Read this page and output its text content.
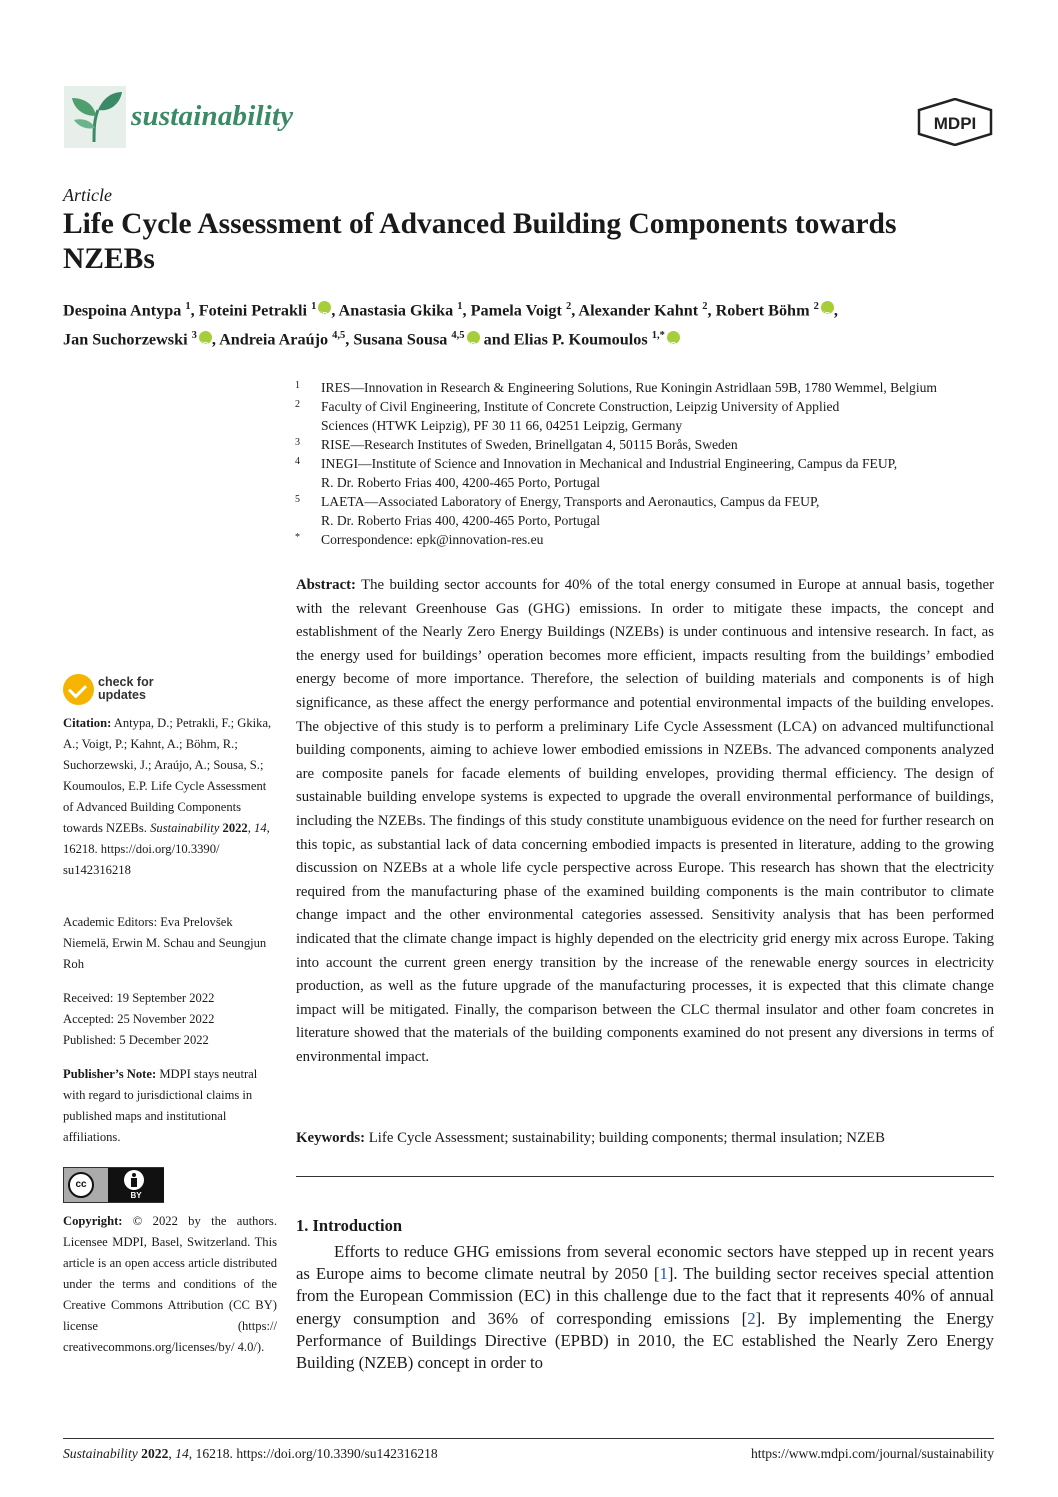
sustainability	MDPI
Article
Life Cycle Assessment of Advanced Building Components towards NZEBs
Despoina Antypa $^1$, Foteini Petrakli $^1$ iD , Anastasia Gkika $^1$, Pamela Voigt $^2$, Alexander Kahnt $^2$, Robert Böhm $^2$ iD ,
Jan Suchorzewski $^3$ iD , Andreia Araújo $^{4,5}$, Susana Sousa $^{4,5}$iD and Elias P. Koumoulos $^{1,*}$iD
1	IRES—Innovation in Research & Engineering Solutions, Rue Koningin Astridlaan 59B, 1780 Wemmel, Belgium
2	Faculty of Civil Engineering, Institute of Concrete Construction, Leipzig University of Applied
Sciences (HTWK Leipzig), PF 30 11 66, 04251 Leipzig, Germany
3	RISE—Research Institutes of Sweden, Brinellgatan 4, 50115 Borås, Sweden
4	INEGI—Institute of Science and Innovation in Mechanical and Industrial Engineering, Campus da FEUP,
R. Dr. Roberto Frias 400, 4200-465 Porto, Portugal
5	LAETA—Associated Laboratory of Energy, Transports and Aeronautics, Campus da FEUP,
R. Dr. Roberto Frias 400, 4200-465 Porto, Portugal
*	Correspondence: epk@innovation-res.eu

Abstract: The building sector accounts for 40% of the total energy consumed in Europe at annual basis, together with the relevant Greenhouse Gas (GHG) emissions. In order to mitigate these impacts, the concept and establishment of the Nearly Zero Energy Buildings (NZEBs) is under continuous and intensive research. In fact, as the energy used for buildings’ operation becomes more efficient, impacts resulting from the buildings’ embodied energy become of more importance. Therefore, the selection of building materials and components is of high significance, as these affect the energy performance and potential environmental impacts of the building envelopes. The objective of this study is to perform a preliminary Life Cycle Assessment (LCA) on advanced multifunctional building components, aiming to achieve lower embodied emissions in NZEBs. The advanced components analyzed are composite panels for facade elements of building envelopes, providing thermal efficiency. The design of sustainable building envelope systems is expected to upgrade the overall environmental performance of buildings, including the NZEBs. The findings of this study constitute unambiguous evidence on the need for further research on this topic, as substantial lack of data concerning embodied impacts is presented in literature, adding to the growing discussion on NZEBs at a whole life cycle perspective across Europe. This research has shown that the electricity required from the manufacturing phase of the examined building components is the main contributor to climate change impact and the other environmental categories assessed. Sensitivity analysis that has been performed indicated that the climate change impact is highly depended on the electricity grid energy mix across Europe. Taking into account the current green energy transition by the increase of the renewable energy sources in electricity production, as well as the future upgrade of the manufacturing processes, it is expected that this climate change impact will be mitigated. Finally, the comparison between the CLC thermal insulator and other foam concretes in literature showed that the materials of the building components examined do not present any diversions in terms of environmental impact.

Keywords: Life Cycle Assessment; sustainability; building components; thermal insulation; NZEB
1. Introduction

Efforts to reduce GHG emissions from several economic sectors have stepped up in recent years as Europe aims to become climate neutral by 2050 [1]. The building sector receives special attention from the European Commission (EC) in this challenge due to the fact that it represents 40% of annual energy consumption and 36% of corresponding emissions [2]. By implementing the Energy Performance of Buildings Directive (EPBD) in 2010, the EC established the Nearly Zero Energy Building (NZEB) concept in order to

check for
updates
Citation: Antypa, D.; Petrakli, F.; Gkika, A.; Voigt, P.; Kahnt, A.; Böhm, R.; Suchorzewski, J.; Araújo, A.; Sousa, S.; Koumoulos, E.P. Life Cycle Assessment of Advanced Building Components towards NZEBs. Sustainability 2022, 14, 16218. https://doi.org/10.3390/ su142316218
Academic Editors: Eva Prelovšek Niemelä, Erwin M. Schau and Seungjun Roh
Received: 19 September 2022
Accepted: 25 November 2022
Published: 5 December 2022
Publisher’s Note: MDPI stays neutral with regard to jurisdictional claims in published maps and institutional affiliations.
cc
BY
Copyright: © 2022 by the authors. Licensee MDPI, Basel, Switzerland. This article is an open access article distributed under the terms and conditions of the Creative Commons Attribution (CC BY) license (https:// creativecommons.org/licenses/by/ 4.0/).
Sustainability 2022, 14, 16218. https://doi.org/10.3390/su142316218	https://www.mdpi.com/journal/sustainability
